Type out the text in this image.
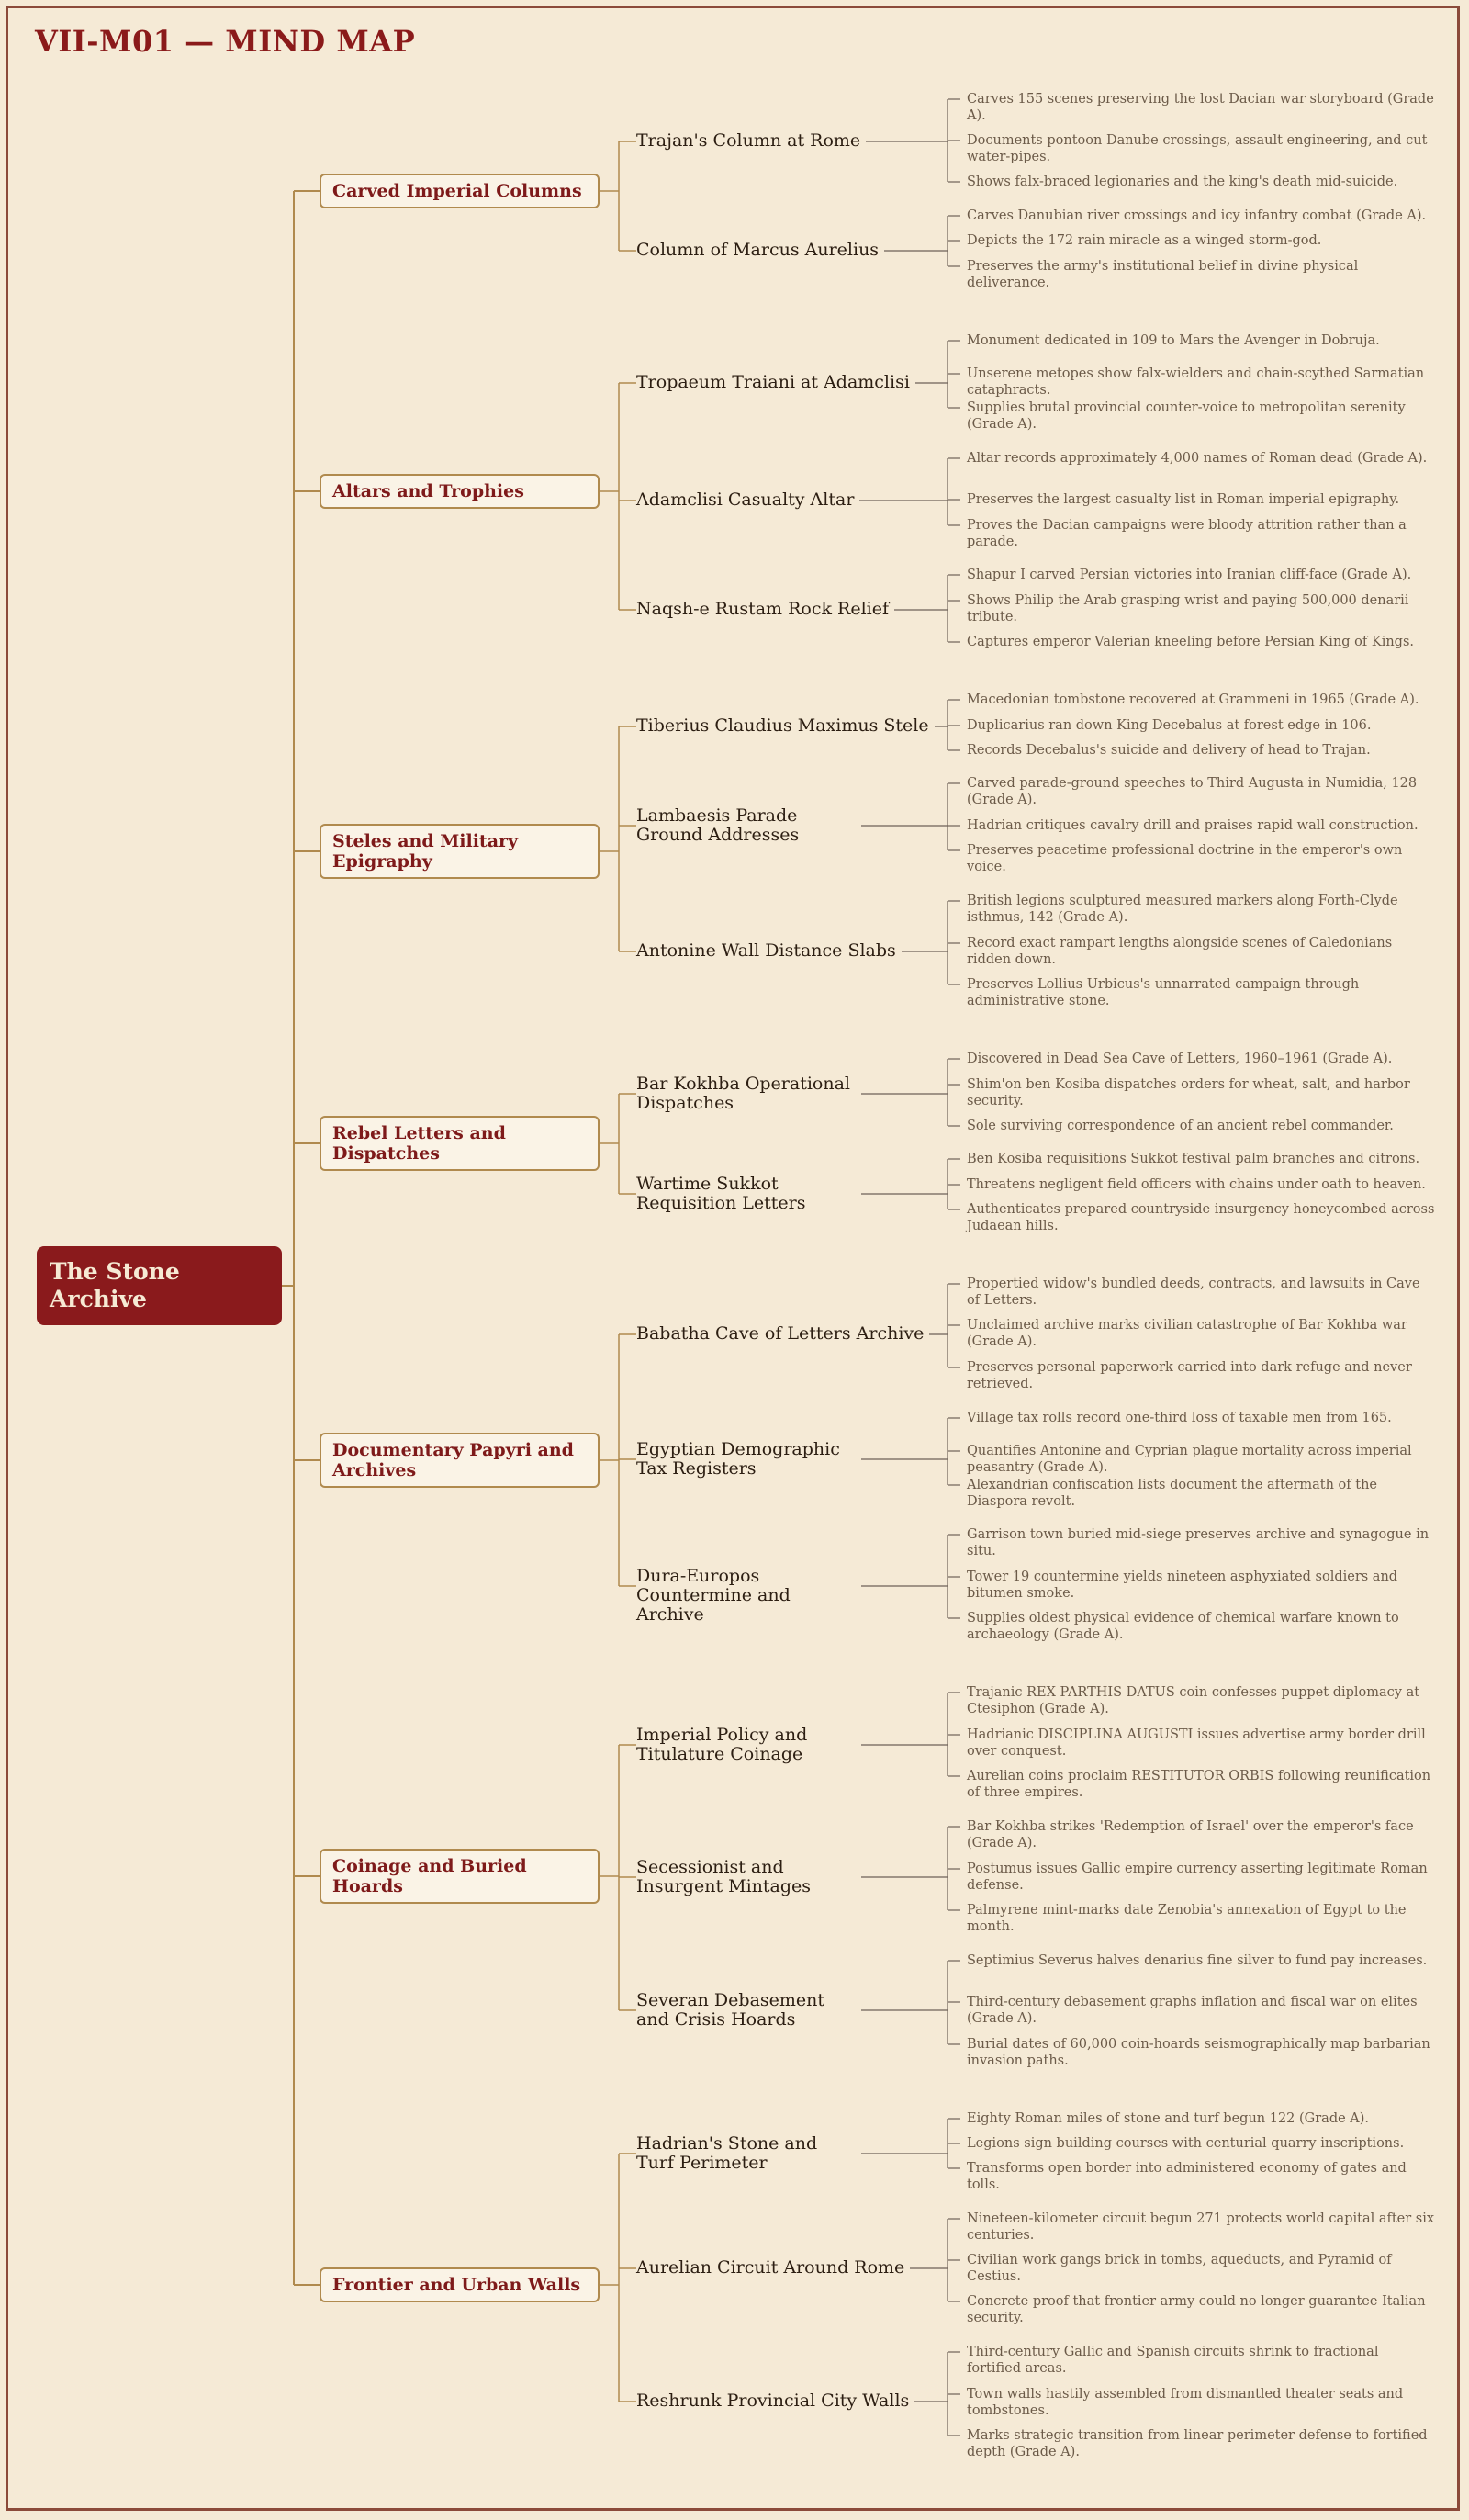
VII-M01 — MIND MAP
The Stone Archive
Carved Imperial Columns
Trajan's Column at Rome
Carves 155 scenes preserving the lost Dacian war storyboard (Grade A).
Documents pontoon Danube crossings, assault engineering, and cut water-pipes.
Shows falx-braced legionaries and the king's death mid-suicide.
Column of Marcus Aurelius
Carves Danubian river crossings and icy infantry combat (Grade A).
Depicts the 172 rain miracle as a winged storm-god.
Preserves the army's institutional belief in divine physical deliverance.
Altars and Trophies
Tropaeum Traiani at Adamclisi
Monument dedicated in 109 to Mars the Avenger in Dobruja.
Unserene metopes show falx-wielders and chain-scythed Sarmatian cataphracts.
Supplies brutal provincial counter-voice to metropolitan serenity (Grade A).
Adamclisi Casualty Altar
Altar records approximately 4,000 names of Roman dead (Grade A).
Preserves the largest casualty list in Roman imperial epigraphy.
Proves the Dacian campaigns were bloody attrition rather than a parade.
Naqsh-e Rustam Rock Relief
Shapur I carved Persian victories into Iranian cliff-face (Grade A).
Shows Philip the Arab grasping wrist and paying 500,000 denarii tribute.
Captures emperor Valerian kneeling before Persian King of Kings.
Steles and Military Epigraphy
Tiberius Claudius Maximus Stele
Macedonian tombstone recovered at Grammeni in 1965 (Grade A).
Duplicarius ran down King Decebalus at forest edge in 106.
Records Decebalus's suicide and delivery of head to Trajan.
Lambaesis Parade Ground Addresses
Carved parade-ground speeches to Third Augusta in Numidia, 128 (Grade A).
Hadrian critiques cavalry drill and praises rapid wall construction.
Preserves peacetime professional doctrine in the emperor's own voice.
Antonine Wall Distance Slabs
British legions sculptured measured markers along Forth-Clyde isthmus, 142 (Grade A).
Record exact rampart lengths alongside scenes of Caledonians ridden down.
Preserves Lollius Urbicus's unnarrated campaign through administrative stone.
Rebel Letters and Dispatches
Bar Kokhba Operational Dispatches
Discovered in Dead Sea Cave of Letters, 1960–1961 (Grade A).
Shim'on ben Kosiba dispatches orders for wheat, salt, and harbor security.
Sole surviving correspondence of an ancient rebel commander.
Wartime Sukkot Requisition Letters
Ben Kosiba requisitions Sukkot festival palm branches and citrons.
Threatens negligent field officers with chains under oath to heaven.
Authenticates prepared countryside insurgency honeycombed across Judaean hills.
Documentary Papyri and Archives
Babatha Cave of Letters Archive
Propertied widow's bundled deeds, contracts, and lawsuits in Cave of Letters.
Unclaimed archive marks civilian catastrophe of Bar Kokhba war (Grade A).
Preserves personal paperwork carried into dark refuge and never retrieved.
Egyptian Demographic Tax Registers
Village tax rolls record one-third loss of taxable men from 165.
Quantifies Antonine and Cyprian plague mortality across imperial peasantry (Grade A).
Alexandrian confiscation lists document the aftermath of the Diaspora revolt.
Dura-Europos Countermine and Archive
Garrison town buried mid-siege preserves archive and synagogue in situ.
Tower 19 countermine yields nineteen asphyxiated soldiers and bitumen smoke.
Supplies oldest physical evidence of chemical warfare known to archaeology (Grade A).
Coinage and Buried Hoards
Imperial Policy and Titulature Coinage
Trajanic REX PARTHIS DATUS coin confesses puppet diplomacy at Ctesiphon (Grade A).
Hadrianic DISCIPLINA AUGUSTI issues advertise army border drill over conquest.
Aurelian coins proclaim RESTITUTOR ORBIS following reunification of three empires.
Secessionist and Insurgent Mintages
Bar Kokhba strikes 'Redemption of Israel' over the emperor's face (Grade A).
Postumus issues Gallic empire currency asserting legitimate Roman defense.
Palmyrene mint-marks date Zenobia's annexation of Egypt to the month.
Severan Debasement and Crisis Hoards
Septimius Severus halves denarius fine silver to fund pay increases.
Third-century debasement graphs inflation and fiscal war on elites (Grade A).
Burial dates of 60,000 coin-hoards seismographically map barbarian invasion paths.
Frontier and Urban Walls
Hadrian's Stone and Turf Perimeter
Eighty Roman miles of stone and turf begun 122 (Grade A).
Legions sign building courses with centurial quarry inscriptions.
Transforms open border into administered economy of gates and tolls.
Aurelian Circuit Around Rome
Nineteen-kilometer circuit begun 271 protects world capital after six centuries.
Civilian work gangs brick in tombs, aqueducts, and Pyramid of Cestius.
Concrete proof that frontier army could no longer guarantee Italian security.
Reshrunk Provincial City Walls
Third-century Gallic and Spanish circuits shrink to fractional fortified areas.
Town walls hastily assembled from dismantled theater seats and tombstones.
Marks strategic transition from linear perimeter defense to fortified depth (Grade A).
